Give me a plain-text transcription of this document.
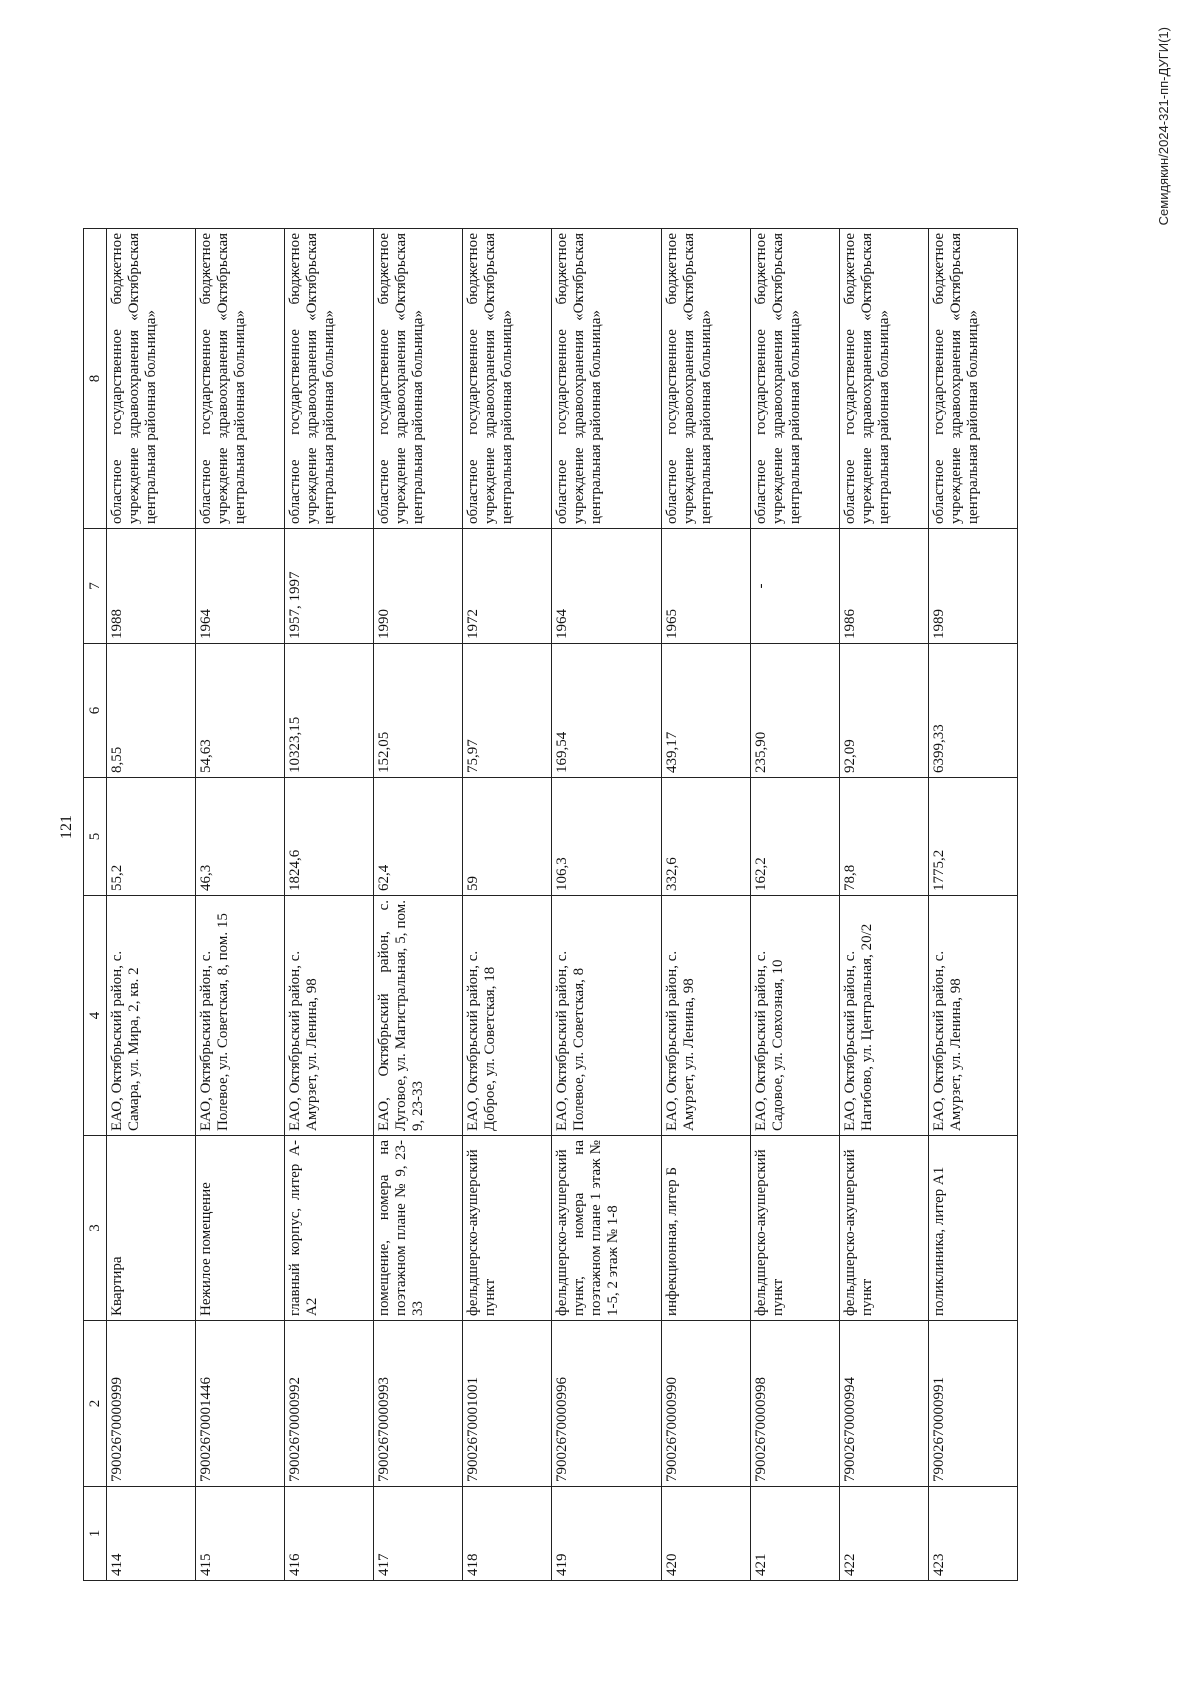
121
1	2	3	4	5	6	7	8
414	79002670000999	Квартира	ЕАО, Октябрьский район, с. Самара, ул. Мира, 2, кв. 2	55,2	8,55	1988	областное государственное бюджетное учреждение здравоохранения «Октябрьская центральная районная больница»
415	79002670001446	Нежилое помещение	ЕАО, Октябрьский район, с. Полевое, ул. Советская, 8, пом. 15	46,3	54,63	1964	областное государственное бюджетное учреждение здравоохранения «Октябрьская центральная районная больница»
416	79002670000992	главный корпус, литер А-А2	ЕАО, Октябрьский район, с. Амурзет, ул. Ленина, 98	1824,6	10323,15	1957, 1997	областное государственное бюджетное учреждение здравоохранения «Октябрьская центральная районная больница»
417	79002670000993	помещение, номера на поэтажном плане № 9, 23-33	ЕАО, Октябрьский район, с. Луговое, ул. Магистральная, 5, пом. 9, 23-33	62,4	152,05	1990	областное государственное бюджетное учреждение здравоохранения «Октябрьская центральная районная больница»
418	79002670001001	фельдшерско-акушерский пункт	ЕАО, Октябрьский район, с. Доброе, ул. Советская, 18	59	75,97	1972	областное государственное бюджетное учреждение здравоохранения «Октябрьская центральная районная больница»
419	79002670000996	фельдшерско-акушерский пункт, номера на поэтажном плане 1 этаж № 1-5, 2 этаж № 1-8	ЕАО, Октябрьский район, с. Полевое, ул. Советская, 8	106,3	169,54	1964	областное государственное бюджетное учреждение здравоохранения «Октябрьская центральная районная больница»
420	79002670000990	инфекционная, литер Б	ЕАО, Октябрьский район, с. Амурзет, ул. Ленина, 98	332,6	439,17	1965	областное государственное бюджетное учреждение здравоохранения «Октябрьская центральная районная больница»
421	79002670000998	фельдшерско-акушерский пункт	ЕАО, Октябрьский район, с. Садовое, ул. Совхозная, 10	162,2	235,90	-	областное государственное бюджетное учреждение здравоохранения «Октябрьская центральная районная больница»
422	79002670000994	фельдшерско-акушерский пункт	ЕАО, Октябрьский район, с. Нагибово, ул. Центральная, 20/2	78,8	92,09	1986	областное государственное бюджетное учреждение здравоохранения «Октябрьская центральная районная больница»
423	79002670000991	поликлиника, литер А1	ЕАО, Октябрьский район, с. Амурзет, ул. Ленина, 98	1775,2	6399,33	1989	областное государственное бюджетное учреждение здравоохранения «Октябрьская центральная районная больница»
Семидякин/2024-321-пп-ДУГИ(1)
